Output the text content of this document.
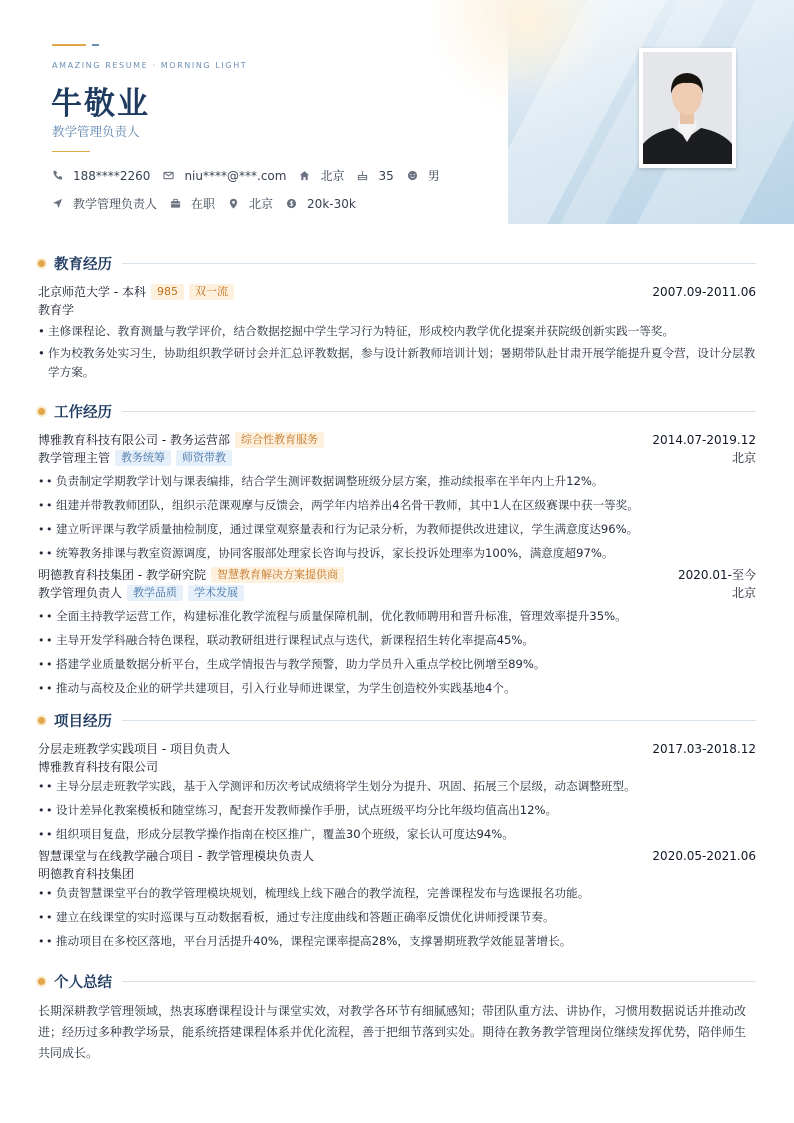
AMAZING RESUME · MORNING LIGHT
牛敬业
教学管理负责人
188****2260	niu****@***.com	北京	35	男
教学管理负责人	在职	北京	20k-30k
教育经历
北京师范大学 - 本科	985	双一流	2007.09-2011.06
教育学
• 主修课程论、教育测量与教学评价，结合数据挖掘中学生学习行为特征，形成校内教学优化提案并获院级创新实践一等奖。
• 作为校教务处实习生，协助组织教学研讨会并汇总评教数据，参与设计新教师培训计划；暑期带队赴甘肃开展学能提升夏令营，设计分层教学方案。
工作经历
博雅教育科技有限公司 - 教务运营部	综合性教育服务	2014.07-2019.12
教学管理主管	教务统筹	师资带教	北京
• • 负责制定学期教学计划与课表编排，结合学生测评数据调整班级分层方案，推动续报率在半年内上升12%。
• • 组建并带教教师团队，组织示范课观摩与反馈会，两学年内培养出4名骨干教师，其中1人在区级赛课中获一等奖。
• • 建立听评课与教学质量抽检制度，通过课堂观察量表和行为记录分析，为教师提供改进建议，学生满意度达96%。
• • 统筹教务排课与教室资源调度，协同客服部处理家长咨询与投诉，家长投诉处理率为100%，满意度超97%。
明德教育科技集团 - 教学研究院	智慧教育解决方案提供商	2020.01-至今
教学管理负责人	教学品质	学术发展	北京
• • 全面主持教学运营工作，构建标准化教学流程与质量保障机制，优化教师聘用和晋升标准，管理效率提升35%。
• • 主导开发学科融合特色课程，联动教研组进行课程试点与迭代，新课程招生转化率提高45%。
• • 搭建学业质量数据分析平台，生成学情报告与教学预警，助力学员升入重点学校比例增至89%。
• • 推动与高校及企业的研学共建项目，引入行业导师进课堂，为学生创造校外实践基地4个。
项目经历
分层走班教学实践项目 - 项目负责人	2017.03-2018.12
博雅教育科技有限公司
• • 主导分层走班教学实践，基于入学测评和历次考试成绩将学生划分为提升、巩固、拓展三个层级，动态调整班型。
• • 设计差异化教案模板和随堂练习，配套开发教师操作手册，试点班级平均分比年级均值高出12%。
• • 组织项目复盘，形成分层教学操作指南在校区推广，覆盖30个班级，家长认可度达94%。
智慧课堂与在线教学融合项目 - 教学管理模块负责人	2020.05-2021.06
明德教育科技集团
• • 负责智慧课堂平台的教学管理模块规划，梳理线上线下融合的教学流程，完善课程发布与选课报名功能。
• • 建立在线课堂的实时巡课与互动数据看板，通过专注度曲线和答题正确率反馈优化讲师授课节奏。
• • 推动项目在多校区落地，平台月活提升40%，课程完课率提高28%，支撑暑期班教学效能显著增长。
个人总结
长期深耕教学管理领域，热衷琢磨课程设计与课堂实效，对教学各环节有细腻感知；带团队重方法、讲协作，习惯用数据说话并推动改进；经历过多种教学场景，能系统搭建课程体系并优化流程，善于把细节落到实处。期待在教务教学管理岗位继续发挥优势，陪伴师生共同成长。
